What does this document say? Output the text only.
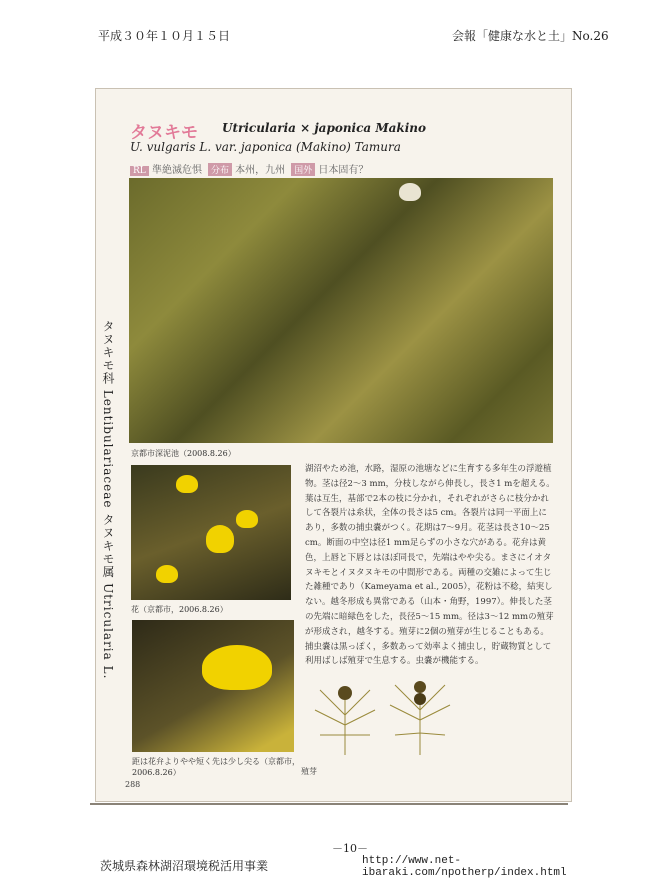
平成３０年１０月１５日	会報「健康な水と土」No.26
タヌキモ Utricularia × japonica Makino
U. vulgaris L. var. japonica (Makino) Tamura
RL 準絶滅危惧	分布 本州，九州	国外 日本固有？
タヌキモ科 Lentibulariaceae タヌキモ属 Utricularia L. 京都市深泥池（2008.8.26）
花（京都市，2006.8.26）
距は花弁よりやや短く先は少し尖る（京都市，2006.8.26）	殖芽
湖沼やため池，水路，湿原の池塘などに生育する多年生の浮遊植物。茎は径2〜3 mm，分枝しながら伸長し，長さ1 mを超える。葉は互生，基部で2本の枝に分かれ，それぞれがさらに枝分かれして各裂片は糸状，全体の長さは5 cm。各裂片は同一平面上にあり，多数の捕虫嚢がつく。花期は7〜9月。花茎は長さ10〜25 cm。断面の中空は径1 mm足らずの小さな穴がある。花弁は黄色，上唇と下唇とはほぼ同長で，先端はやや尖る。まさにイオタヌキモとイヌタヌキモの中間形である。両種の交雑によって生じた雑種であり（Kameyama et al., 2005），花粉は不稔，結実しない。越冬形成も異常である（山本・角野，1997）。伸長した茎の先端に暗緑色をした，長径5〜15 mm。径は3〜12 mmの殖芽が形成され，越冬する。殖芽に2個の殖芽が生じることもある。捕虫嚢は黒っぽく，多数あって効率よく捕虫し，貯蔵物質として利用ばしば殖芽で生息する。虫嚢が機能する。
288
－10－
茨城県森林湖沼環境税活用事業	http://www.net-ibaraki.com/npotherp/index.html
